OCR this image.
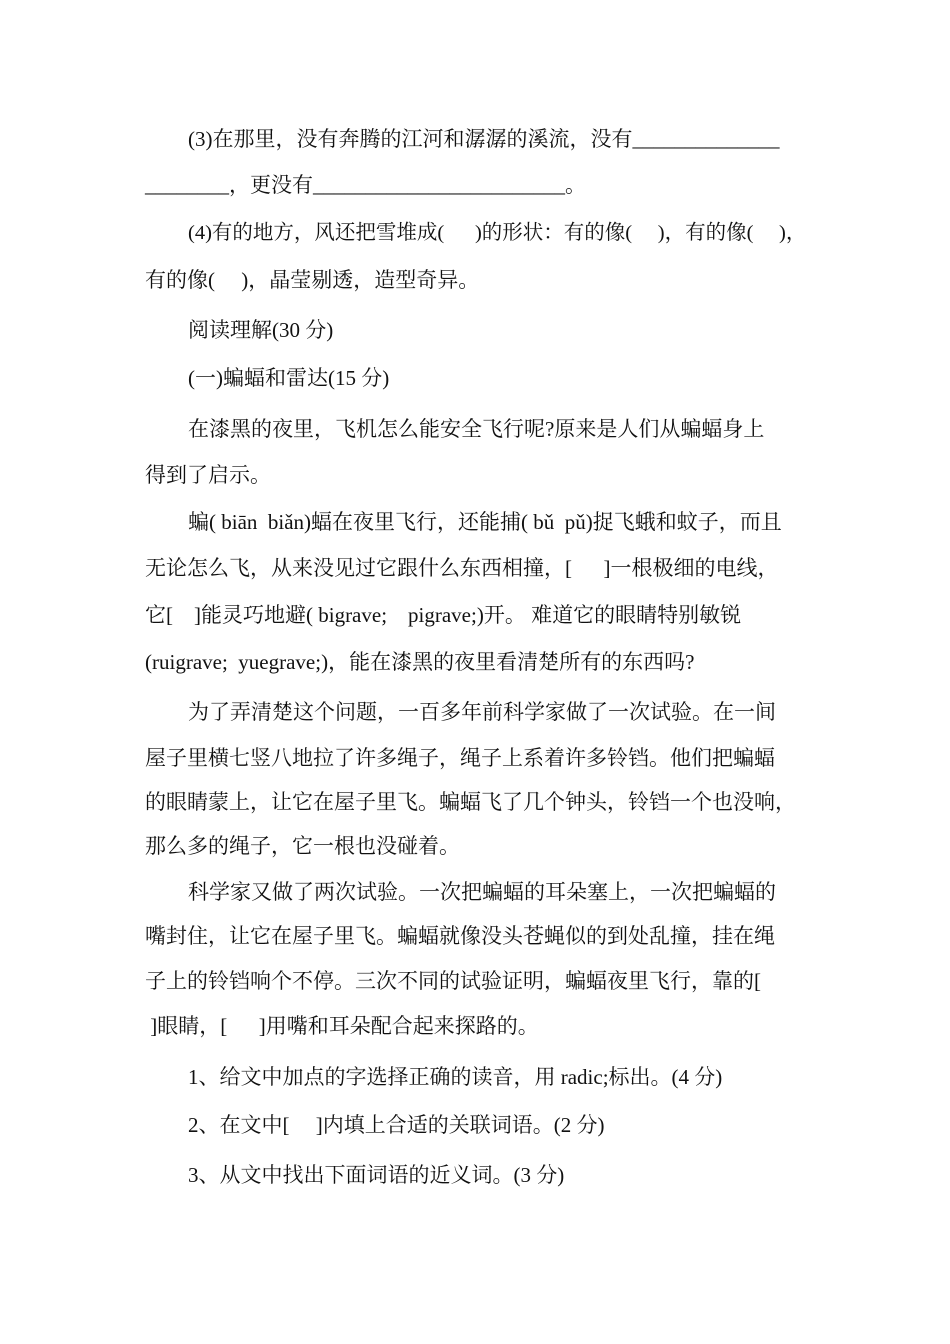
(3)在那里，没有奔腾的江河和潺潺的溪流，没有______________
________，更没有________________________。
(4)有的地方，风还把雪堆成(      )的形状：有的像(     )，有的像(     )，
有的像(     )，晶莹剔透，造型奇异。
阅读理解(30 分)
(一)蝙蝠和雷达(15 分)
在漆黑的夜里，飞机怎么能安全飞行呢?原来是人们从蝙蝠身上
得到了启示。
蝙( biān  biǎn)蝠在夜里飞行，还能捕( bǔ  pǔ)捉飞蛾和蚊子，而且
无论怎么飞，从来没见过它跟什么东西相撞，[      ]一根极细的电线，
它[    ]能灵巧地避( bigrave;    pigrave;)开。 难道它的眼睛特别敏锐
(ruigrave;  yuegrave;)，能在漆黑的夜里看清楚所有的东西吗?
为了弄清楚这个问题，一百多年前科学家做了一次试验。在一间
屋子里横七竖八地拉了许多绳子，绳子上系着许多铃铛。他们把蝙蝠
的眼睛蒙上，让它在屋子里飞。蝙蝠飞了几个钟头，铃铛一个也没响，
那么多的绳子，它一根也没碰着。
科学家又做了两次试验。一次把蝙蝠的耳朵塞上，一次把蝙蝠的
嘴封住，让它在屋子里飞。蝙蝠就像没头苍蝇似的到处乱撞，挂在绳
子上的铃铛响个不停。三次不同的试验证明，蝙蝠夜里飞行，靠的[
]眼睛，[      ]用嘴和耳朵配合起来探路的。
1、给文中加点的字选择正确的读音，用 radic;标出。(4 分)
2、在文中[     ]内填上合适的关联词语。(2 分)
3、从文中找出下面词语的近义词。(3 分)
